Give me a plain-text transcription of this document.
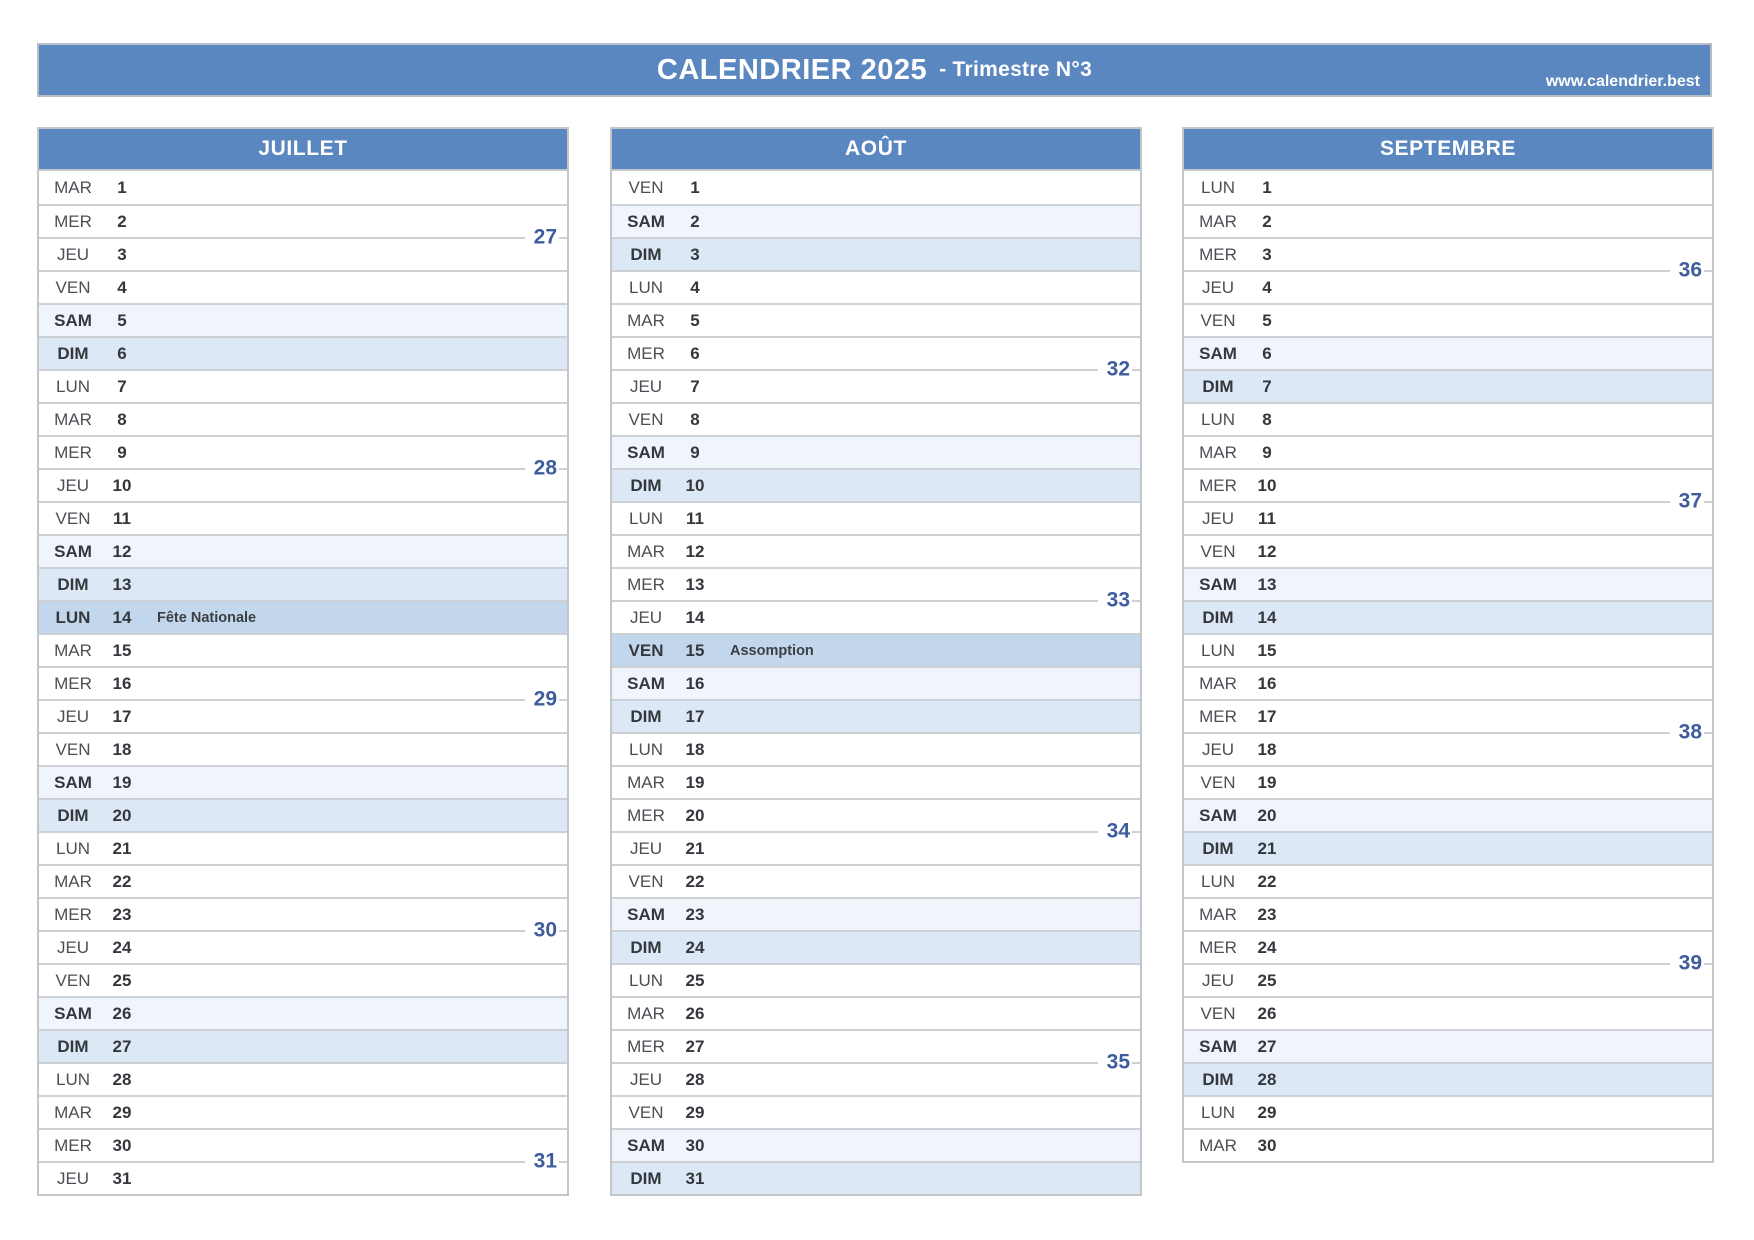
CALENDRIER 2025 - Trimestre N°3
www.calendrier.best
JUILLET
MAR	1
MER	2
JEU	3
VEN	4
SAM	5
DIM	6
LUN	7
MAR	8
MER	9
JEU	10
VEN	11
SAM	12
DIM	13
LUN	14	Fête Nationale
MAR	15
MER	16
JEU	17
VEN	18
SAM	19
DIM	20
LUN	21
MAR	22
MER	23
JEU	24
VEN	25
SAM	26
DIM	27
LUN	28
MAR	29
MER	30
JEU	31
27
28
29
30
31
AOÛT
VEN	1
SAM	2
DIM	3
LUN	4
MAR	5
MER	6
JEU	7
VEN	8
SAM	9
DIM	10
LUN	11
MAR	12
MER	13
JEU	14
VEN	15	Assomption
SAM	16
DIM	17
LUN	18
MAR	19
MER	20
JEU	21
VEN	22
SAM	23
DIM	24
LUN	25
MAR	26
MER	27
JEU	28
VEN	29
SAM	30
DIM	31
32
33
34
35
SEPTEMBRE
LUN	1
MAR	2
MER	3
JEU	4
VEN	5
SAM	6
DIM	7
LUN	8
MAR	9
MER	10
JEU	11
VEN	12
SAM	13
DIM	14
LUN	15
MAR	16
MER	17
JEU	18
VEN	19
SAM	20
DIM	21
LUN	22
MAR	23
MER	24
JEU	25
VEN	26
SAM	27
DIM	28
LUN	29
MAR	30
36
37
38
39
